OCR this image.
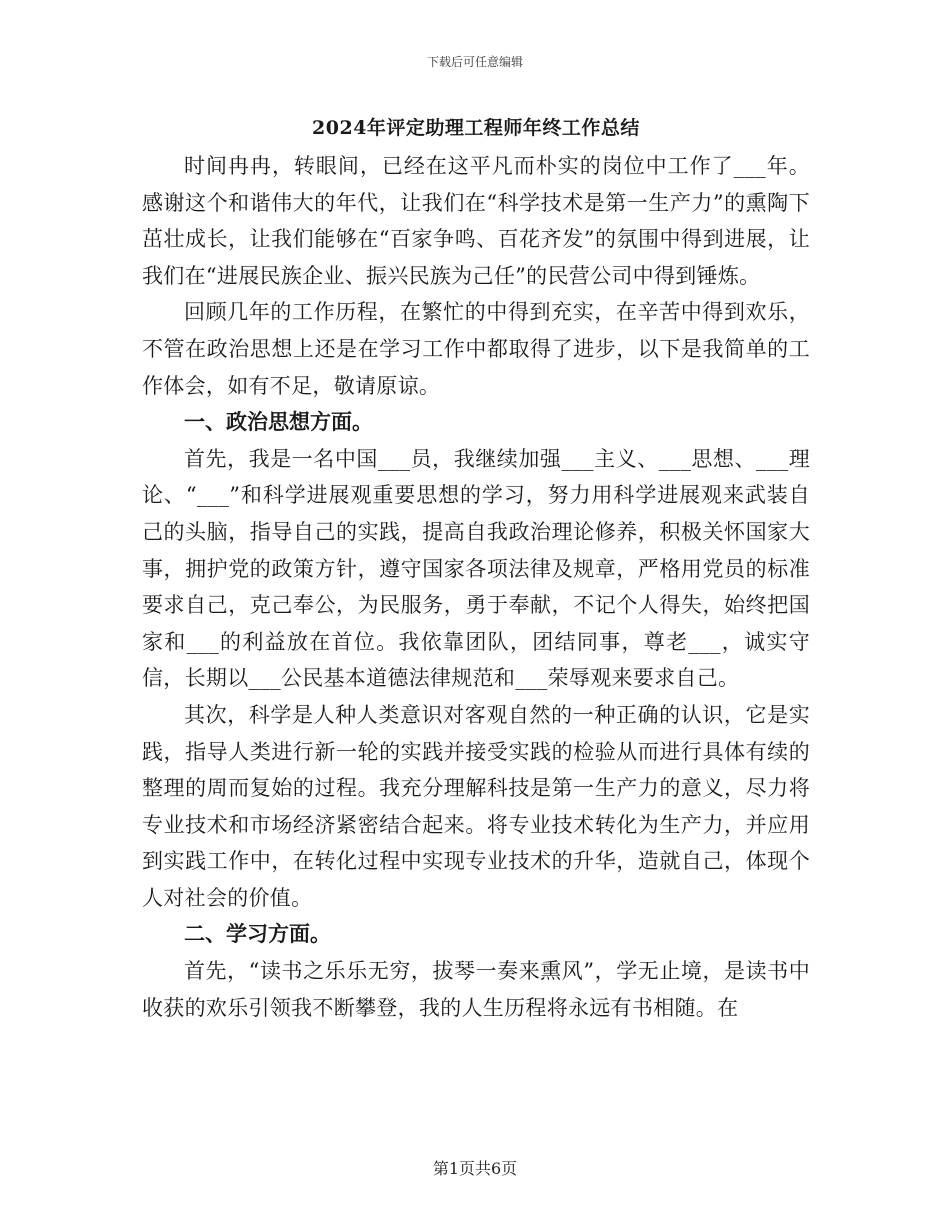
下载后可任意编辑
2024年评定助理工程师年终工作总结

时间冉冉，转眼间，已经在这平凡而朴实的岗位中工作了___年。感谢这个和谐伟大的年代，让我们在“科学技术是第一生产力”的熏陶下茁壮成长，让我们能够在“百家争鸣、百花齐发”的氛围中得到进展，让我们在“进展民族企业、振兴民族为己任”的民营公司中得到锤炼。

回顾几年的工作历程，在繁忙的中得到充实，在辛苦中得到欢乐，不管在政治思想上还是在学习工作中都取得了进步，以下是我简单的工作体会，如有不足，敬请原谅。

一、政治思想方面。

首先，我是一名中国___员，我继续加强___主义、___思想、___理论、“___”和科学进展观重要思想的学习，努力用科学进展观来武装自己的头脑，指导自己的实践，提高自我政治理论修养，积极关怀国家大事，拥护党的政策方针，遵守国家各项法律及规章，严格用党员的标准要求自己，克己奉公，为民服务，勇于奉献，不记个人得失，始终把国家和___的利益放在首位。我依靠团队，团结同事，尊老___，诚实守信，长期以___公民基本道德法律规范和___荣辱观来要求自己。

其次，科学是人种人类意识对客观自然的一种正确的认识，它是实践，指导人类进行新一轮的实践并接受实践的检验从而进行具体有续的整理的周而复始的过程。我充分理解科技是第一生产力的意义，尽力将专业技术和市场经济紧密结合起来。将专业技术转化为生产力，并应用到实践工作中，在转化过程中实现专业技术的升华，造就自己，体现个人对社会的价值。

二、学习方面。

首先，“读书之乐乐无穷，拔琴一奏来熏风”，学无止境，是读书中收获的欢乐引领我不断攀登，我的人生历程将永远有书相随。在

第1页共6页
